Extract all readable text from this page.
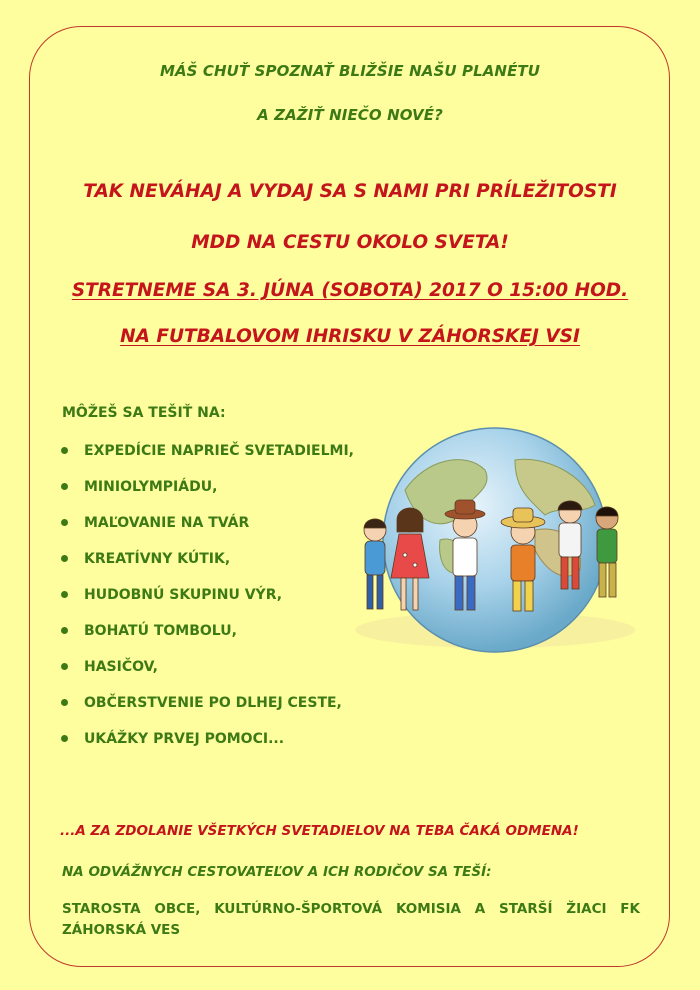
MÁŠ CHUŤ SPOZNAŤ BLIŽŠIE NAŠU PLANÉTU
A ZAŽIŤ NIEČO NOVÉ?
TAK NEVÁHAJ A VYDAJ SA S NAMI PRI PRÍLEŽITOSTI
MDD NA CESTU OKOLO SVETA!
STRETNEME SA 3. JÚNA (SOBOTA) 2017 O 15:00 HOD.
NA FUTBALOVOM IHRISKU V ZÁHORSKEJ VSI
MÔŽEŠ SA TEŠIŤ NA:
EXPEDÍCIE NAPRIEČ SVETADIELMI,
MINIOLYMPIÁDU,
MAĽOVANIE NA TVÁR
KREATÍVNY KÚTIK,
HUDOBNÚ SKUPINU VÝR,
BOHATÚ TOMBOLU,
HASIČOV,
OBČERSTVENIE PO DLHEJ CESTE,
UKÁŽKY PRVEJ POMOCI...
...A ZA ZDOLANIE VŠETKÝCH SVETADIELOV NA TEBA ČAKÁ ODMENA!
NA ODVÁŽNYCH CESTOVATEĽOV A ICH RODIČOV SA TEŠÍ:
STAROSTA OBCE, KULTÚRNO-ŠPORTOVÁ KOMISIA A STARŠÍ ŽIACI FK ZÁHORSKÁ VES
